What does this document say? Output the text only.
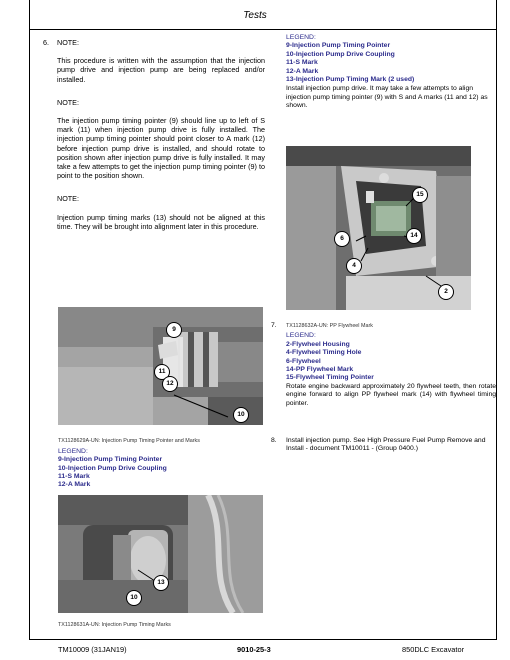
Tests
6. NOTE:

This procedure is written with the assumption that the injection pump drive and injection pump are being replaced and/or installed.

NOTE:

The injection pump timing pointer (9) should line up to left of S mark (11) when injection pump drive is fully installed. The injection pump timing pointer should point closer to A mark (12) before injection pump drive is installed, and should rotate to position shown after injection pump drive is fully installed. It may take a few attempts to get the injection pump timing pointer (9) to point to the position shown.

NOTE:

Injection pump timing marks (13) should not be aligned at this time. They will be brought into alignment later in this procedure.

9
11
12
10
TX1128629A-UN: Injection Pump Timing Pointer and Marks
LEGEND:
9-Injection Pump Timing Pointer
10-Injection Pump Drive Coupling
11-S Mark
12-A Mark
13
10
TX1128631A-UN: Injection Pump Timing Marks
LEGEND:
9-Injection Pump Timing Pointer
10-Injection Pump Drive Coupling
11-S Mark
12-A Mark
13-Injection Pump Timing Mark (2 used)
Install injection pump drive. It may take a few attempts to align injection pump timing pointer (9) with S and A marks (11 and 12) as shown.
15
14
6
4
2
7. TX1128632A-UN: PP Flywheel Mark
LEGEND:
2-Flywheel Housing
4-Flywheel Timing Hole
6-Flywheel
14-PP Flywheel Mark
15-Flywheel Timing Pointer
Rotate engine backward approximately 20 flywheel teeth, then rotate engine forward to align PP flywheel mark (14) with flywheel timing pointer.
8. Install injection pump. See High Pressure Fuel Pump Remove and Install - document TM10011 - (Group 0400.)
TM10009 (31JAN19)	9010-25-3	850DLC Excavator
